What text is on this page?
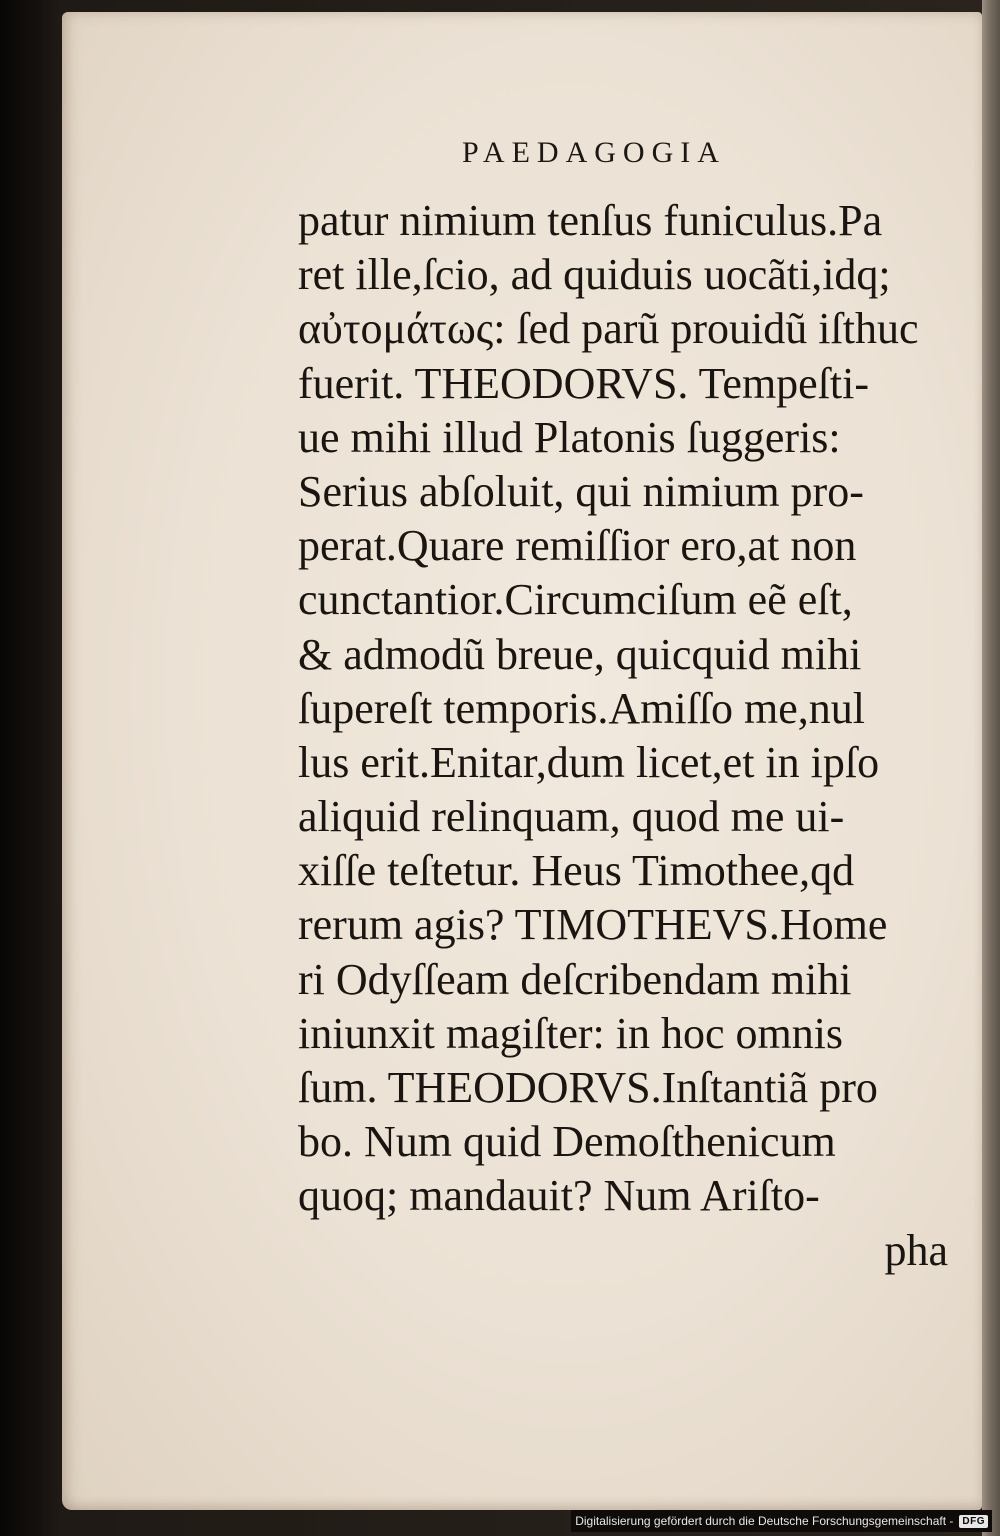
PAEDAGOGIA
patur nimium tenſus funiculus.Pa
ret ille,ſcio, ad quiduis uocãti,idq;
αὐτομάτως: ſed parũ prouidũ iſthuc
fuerit. THEODORVS. Tempeſti-
ue mihi illud Platonis ſuggeris:
Serius abſoluit, qui nimium pro-
perat.Quare remiſſior ero,at non
cunctantior.Circumciſum eẽ eſt,
& admodũ breue, quicquid mihi
ſupereſt temporis.Amiſſo me,nul
lus erit.Enitar,dum licet,et in ipſo
aliquid relinquam, quod me ui-
xiſſe teſtetur. Heus Timothee,qd
rerum agis? TIMOTHEVS.Home
ri Odyſſeam deſcribendam mihi
iniunxit magiſter: in hoc omnis
ſum. THEODORVS.Inſtantiã pro
bo. Num quid Demoſthenicum
quoq; mandauit? Num Ariſto-
pha
Digitalisierung gefördert durch die Deutsche Forschungsgemeinschaft - DFG
